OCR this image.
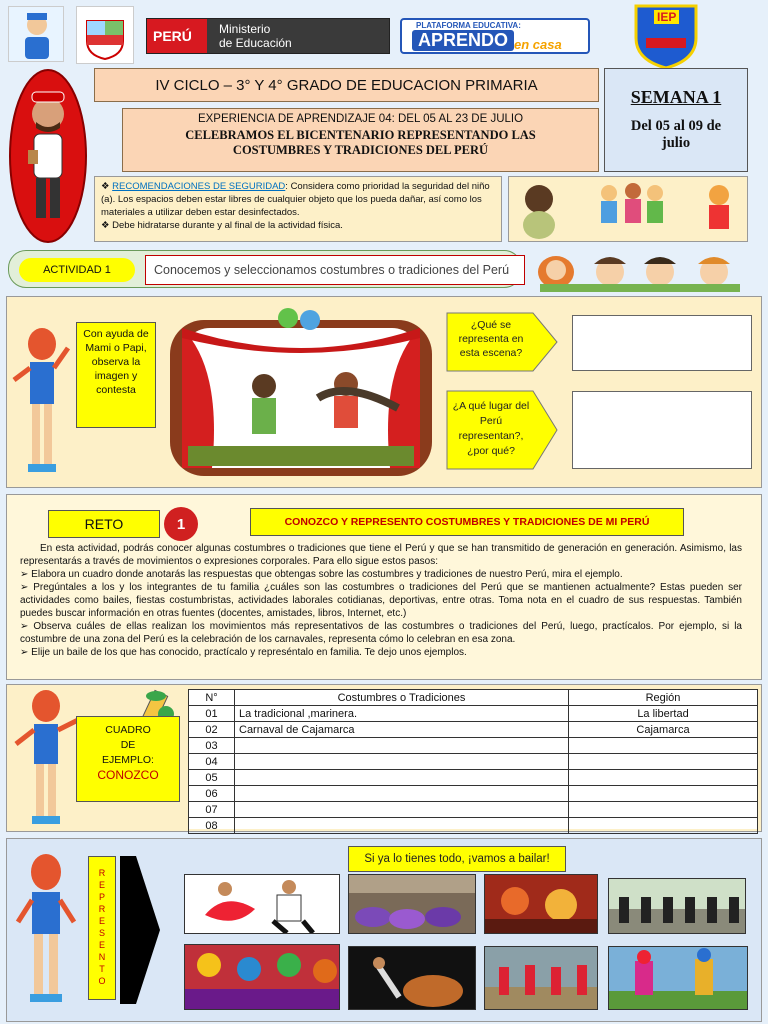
PERÚ Ministerio
de Educación
PLATAFORMA EDUCATIVA:
APRENDO en casa
IEP
IV CICLO – 3° Y 4° GRADO DE EDUCACION PRIMARIA
EXPERIENCIA DE APRENDIZAJE 04: DEL 05 AL 23 DE JULIO
CELEBRAMOS EL BICENTENARIO REPRESENTANDO LAS
COSTUMBRES Y TRADICIONES DEL PERÚ
SEMANA 1
Del 05 al 09 de
julio
❖ RECOMENDACIONES DE SEGURIDAD: Considera como prioridad la seguridad del niño (a). Los espacios deben estar libres de cualquier objeto que los pueda dañar, así como los materiales a utilizar deben estar desinfectados.
❖ Debe hidratarse durante y al final de la actividad física.
ACTIVIDAD 1	Conocemos y seleccionamos costumbres o tradiciones del Perú
Con ayuda de Mami o Papi, observa la imagen y contesta
¿Qué se representa en esta escena?
¿A qué lugar del Perú representan?, ¿por qué?
RETO	1	CONOZCO Y REPRESENTO COSTUMBRES Y TRADICIONES DE MI PERÚ
En esta actividad, podrás conocer algunas costumbres o tradiciones que tiene el Perú y que se han transmitido de generación en generación. Asimismo, las representarás a través de movimientos o expresiones corporales. Para ello sigue estos pasos:
➢ Elabora un cuadro donde anotarás las respuestas que obtengas sobre las costumbres y tradiciones de nuestro Perú, mira el ejemplo.
➢ Pregúntales a los y los integrantes de tu familia ¿cuáles son las costumbres o tradiciones del Perú que se mantienen actualmente? Estas pueden ser actividades como bailes, fiestas costumbristas, actividades laborales cotidianas, deportivas, entre otras. Toma nota en el cuadro de sus respuestas. También puedes buscar información en otras fuentes (docentes, amistades, libros, Internet, etc.)
➢ Observa cuáles de ellas realizan los movimientos más representativos de las costumbres o tradiciones del Perú, luego, practícalos. Por ejemplo, si la costumbre de una zona del Perú es la celebración de los carnavales, representa cómo lo celebran en esa zona.
➢ Elije un baile de los que has conocido, practícalo y represéntalo en familia. Te dejo unos ejemplos.
CUADRO
DE
EJEMPLO:
CONOZCO
N°	Costumbres o Tradiciones	Región
01	La tradicional ,marinera.	La libertad
02	Carnaval de Cajamarca	Cajamarca
03		
04		
05		
06		
07		
08		
REPRESENTO
Si ya lo tienes todo, ¡vamos a bailar!
